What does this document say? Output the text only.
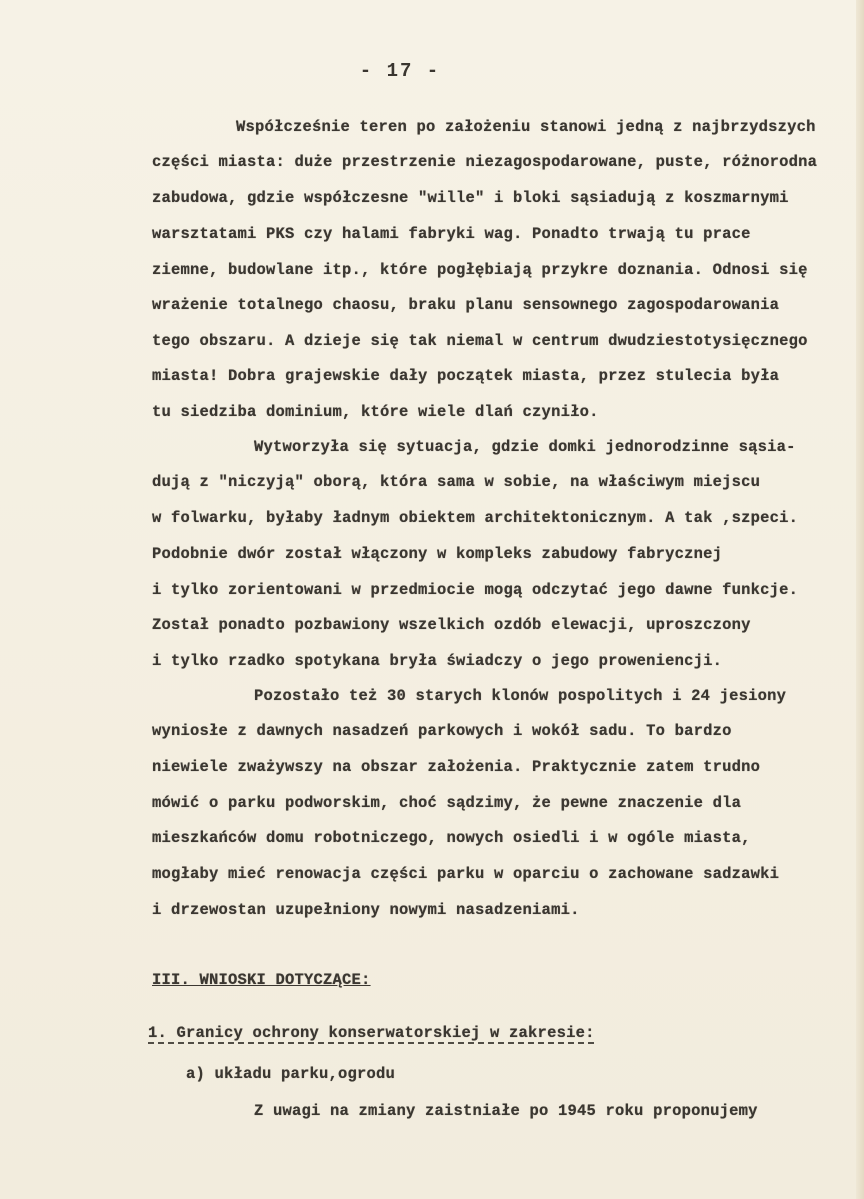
- 17 -
Współcześnie teren po założeniu stanowi jedną z najbrzydszych
części miasta: duże przestrzenie niezagospodarowane, puste, różnorodna
zabudowa, gdzie współczesne "wille" i bloki sąsiadują z koszmarnymi
warsztatami PKS czy halami fabryki wag. Ponadto trwają tu prace
ziemne, budowlane itp., które pogłębiają przykre doznania. Odnosi się
wrażenie totalnego chaosu, braku planu sensownego zagospodarowania
tego obszaru. A dzieje się tak niemal w centrum dwudziestotysięcznego
miasta! Dobra grajewskie dały początek miasta, przez stulecia była
tu siedziba dominium, które wiele dlań czyniło.
Wytworzyła się sytuacja, gdzie domki jednorodzinne sąsia-
dują z "niczyją" oborą, która sama w sobie, na właściwym miejscu
w folwarku, byłaby ładnym obiektem architektonicznym. A tak ,szpeci.
Podobnie dwór został włączony w kompleks zabudowy fabrycznej
i tylko zorientowani w przedmiocie mogą odczytać jego dawne funkcje.
Został ponadto pozbawiony wszelkich ozdób elewacji, uproszczony
i tylko rzadko spotykana bryła świadczy o jego proweniencji.
Pozostało też 30 starych klonów pospolitych i 24 jesiony
wyniosłe z dawnych nasadzeń parkowych i wokół sadu. To bardzo
niewiele zważywszy na obszar założenia. Praktycznie zatem trudno
mówić o parku podworskim, choć sądzimy, że pewne znaczenie dla
mieszkańców domu robotniczego, nowych osiedli i w ogóle miasta,
mogłaby mieć renowacja części parku w oparciu o zachowane sadzawki
i drzewostan uzupełniony nowymi nasadzeniami.
III. WNIOSKI DOTYCZĄCE:
1. Granicy ochrony konserwatorskiej w zakresie:
a) układu parku,ogrodu
Z uwagi na zmiany zaistniałe po 1945 roku proponujemy
